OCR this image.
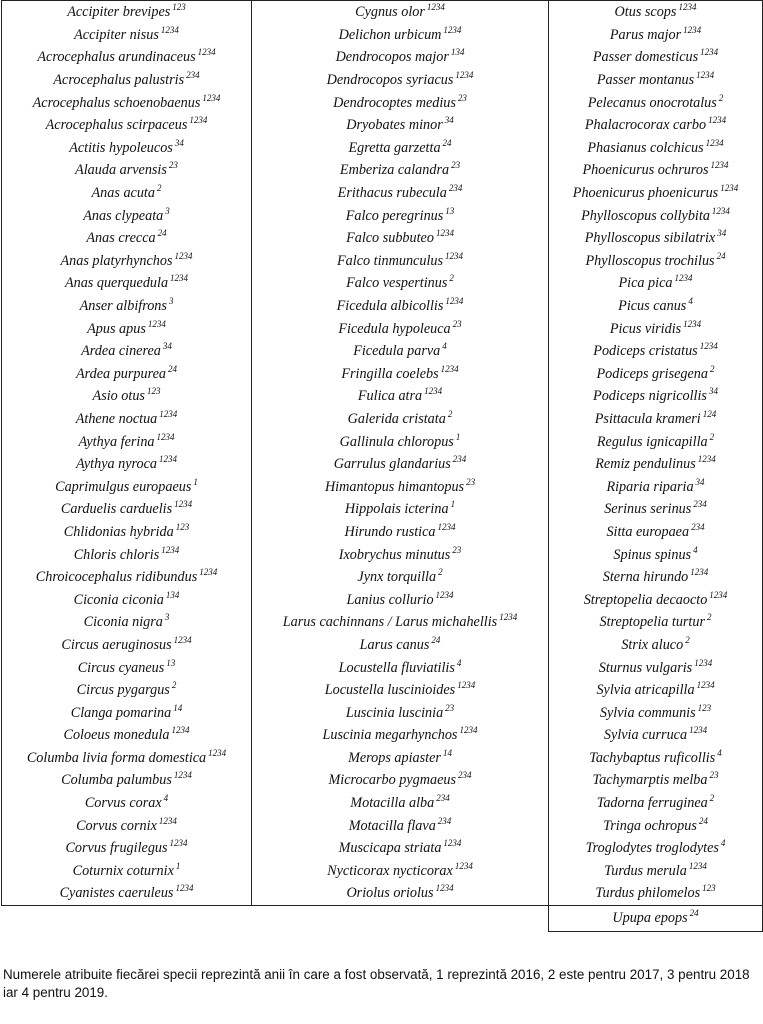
Accipiter brevipes $^{123}$	Cygnus olor $^{1234}$	Otus scops $^{1234}$
Accipiter nisus $^{1234}$	Delichon urbicum $^{1234}$	Parus major $^{1234}$
Acrocephalus arundinaceus $^{1234}$	Dendrocopos major $^{134}$	Passer domesticus $^{1234}$
Acrocephalus palustris $^{234}$	Dendrocopos syriacus $^{1234}$	Passer montanus $^{1234}$
Acrocephalus schoenobaenus $^{1234}$	Dendrocoptes medius $^{23}$	Pelecanus onocrotalus $^2$
Acrocephalus scirpaceus $^{1234}$	Dryobates minor $^{34}$	Phalacrocorax carbo $^{1234}$
Actitis hypoleucos $^{34}$	Egretta garzetta $^{24}$	Phasianus colchicus $^{1234}$
Alauda arvensis $^{23}$	Emberiza calandra $^{23}$	Phoenicurus ochruros $^{1234}$
Anas acuta $^2$	Erithacus rubecula $^{234}$	Phoenicurus phoenicurus $^{1234}$
Anas clypeata $^3$	Falco peregrinus $^{13}$	Phylloscopus collybita $^{1234}$
Anas crecca $^{24}$	Falco subbuteo $^{1234}$	Phylloscopus sibilatrix $^{34}$
Anas platyrhynchos $^{1234}$	Falco tinmunculus $^{1234}$	Phylloscopus trochilus $^{24}$
Anas querquedula $^{1234}$	Falco vespertinus $^2$	Pica pica $^{1234}$
Anser albifrons $^3$	Ficedula albicollis $^{1234}$	Picus canus $^4$
Apus apus $^{1234}$	Ficedula hypoleuca $^{23}$	Picus viridis $^{1234}$
Ardea cinerea $^{34}$	Ficedula parva $^4$	Podiceps cristatus $^{1234}$
Ardea purpurea $^{24}$	Fringilla coelebs $^{1234}$	Podiceps grisegena $^2$
Asio otus $^{123}$	Fulica atra $^{1234}$	Podiceps nigricollis $^{34}$
Athene noctua $^{1234}$	Galerida cristata $^2$	Psittacula krameri $^{124}$
Aythya ferina $^{1234}$	Gallinula chloropus $^1$	Regulus ignicapilla $^2$
Aythya nyroca $^{1234}$	Garrulus glandarius $^{234}$	Remiz pendulinus $^{1234}$
Caprimulgus europaeus $^1$	Himantopus himantopus $^{23}$	Riparia riparia $^{34}$
Carduelis carduelis $^{1234}$	Hippolais icterina $^1$	Serinus serinus $^{234}$
Chlidonias hybrida $^{123}$	Hirundo rustica $^{1234}$	Sitta europaea $^{234}$
Chloris chloris $^{1234}$	Ixobrychus minutus $^{23}$	Spinus spinus $^4$
Chroicocephalus ridibundus $^{1234}$	Jynx torquilla $^2$	Sterna hirundo $^{1234}$
Ciconia ciconia $^{134}$	Lanius collurio $^{1234}$	Streptopelia decaocto $^{1234}$
Ciconia nigra $^3$	Larus cachinnans / Larus michahellis $^{1234}$	Streptopelia turtur $^2$
Circus aeruginosus $^{1234}$	Larus canus $^{24}$	Strix aluco $^2$
Circus cyaneus $^{13}$	Locustella fluviatilis $^4$	Sturnus vulgaris $^{1234}$
Circus pygargus $^2$	Locustella luscinioides $^{1234}$	Sylvia atricapilla $^{1234}$
Clanga pomarina $^{14}$	Luscinia luscinia $^{23}$	Sylvia communis $^{123}$
Coloeus monedula $^{1234}$	Luscinia megarhynchos $^{1234}$	Sylvia curruca $^{1234}$
Columba livia forma domestica $^{1234}$	Merops apiaster $^{14}$	Tachybaptus ruficollis $^4$
Columba palumbus $^{1234}$	Microcarbo pygmaeus $^{234}$	Tachymarptis melba $^{23}$
Corvus corax $^4$	Motacilla alba $^{234}$	Tadorna ferruginea $^2$
Corvus cornix $^{1234}$	Motacilla flava $^{234}$	Tringa ochropus $^{24}$
Corvus frugilegus $^{1234}$	Muscicapa striata $^{1234}$	Troglodytes troglodytes $^4$
Coturnix coturnix $^1$	Nycticorax nycticorax $^{1234}$	Turdus merula $^{1234}$
Cyanistes caeruleus $^{1234}$	Oriolus oriolus $^{1234}$	Turdus philomelos $^{123}$
		Upupa epops $^{24}$

Numerele atribuite fiecărei specii reprezintă anii în care a fost observată, 1 reprezintă 2016, 2 este pentru 2017, 3 pentru 2018 iar 4 pentru 2019.
